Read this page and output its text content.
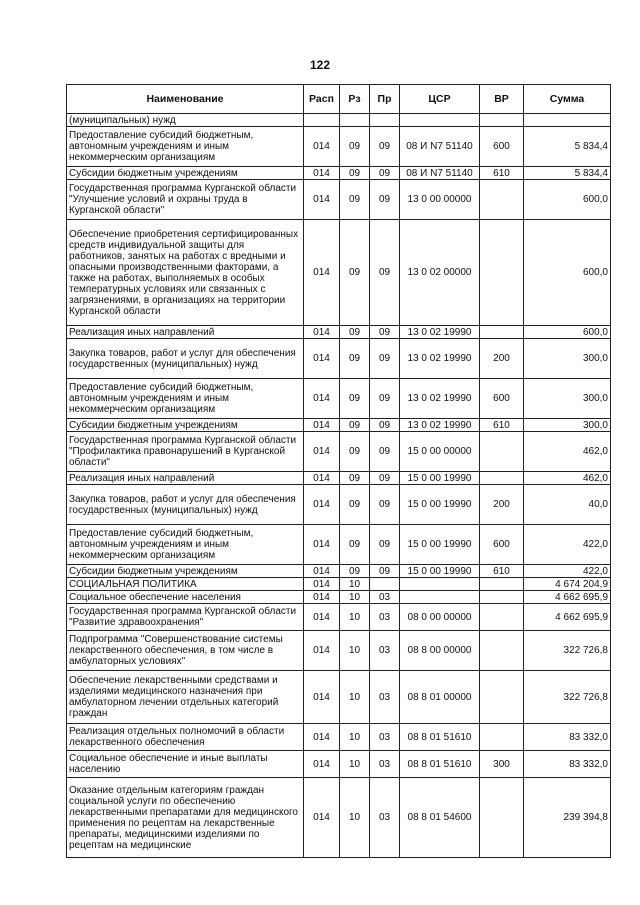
122
Наименование	Расп	Рз	Пр	ЦСР	ВР	Сумма
(муниципальных) нужд						
Предоставление субсидий бюджетным, автономным учреждениям и иным некоммерческим организациям	014	09	09	08 И N7 51140	600	5 834,4
Субсидии бюджетным учреждениям	014	09	09	08 И N7 51140	610	5 834,4
Государственная программа Курганской области "Улучшение условий и охраны труда в Курганской области"	014	09	09	13 0 00 00000		600,0
Обеспечение приобретения сертифицированных средств индивидуальной защиты для работников, занятых на работах с вредными и опасными производственными факторами, а также на работах, выполняемых в особых температурных условиях или связанных с загрязнениями, в организациях на территории Курганской области	014	09	09	13 0 02 00000		600,0
Реализация иных направлений	014	09	09	13 0 02 19990		600,0
Закупка товаров, работ и услуг для обеспечения государственных (муниципальных) нужд	014	09	09	13 0 02 19990	200	300,0
Предоставление субсидий бюджетным, автономным учреждениям и иным некоммерческим организациям	014	09	09	13 0 02 19990	600	300,0
Субсидии бюджетным учреждениям	014	09	09	13 0 02 19990	610	300,0
Государственная программа Курганской области "Профилактика правонарушений в Курганской области"	014	09	09	15 0 00 00000		462,0
Реализация иных направлений	014	09	09	15 0 00 19990		462,0
Закупка товаров, работ и услуг для обеспечения государственных (муниципальных) нужд	014	09	09	15 0 00 19990	200	40,0
Предоставление субсидий бюджетным, автономным учреждениям и иным некоммерческим организациям	014	09	09	15 0 00 19990	600	422,0
Субсидии бюджетным учреждениям	014	09	09	15 0 00 19990	610	422,0
СОЦИАЛЬНАЯ ПОЛИТИКА	014	10				4 674 204,9
Социальное обеспечение населения	014	10	03			4 662 695,9
Государственная программа Курганской области "Развитие здравоохранения"	014	10	03	08 0 00 00000		4 662 695,9
Подпрограмма "Совершенствование системы лекарственного обеспечения, в том числе в амбулаторных условиях"	014	10	03	08 8 00 00000		322 726,8
Обеспечение лекарственными средствами и изделиями медицинского назначения при амбулаторном лечении отдельных категорий граждан	014	10	03	08 8 01 00000		322 726,8
Реализация отдельных полномочий в области лекарственного обеспечения	014	10	03	08 8 01 51610		83 332,0
Социальное обеспечение и иные выплаты населению	014	10	03	08 8 01 51610	300	83 332,0
Оказание отдельным категориям граждан социальной услуги по обеспечению лекарственными препаратами для медицинского применения по рецептам на лекарственные препараты, медицинскими изделиями по рецептам на медицинские	014	10	03	08 8 01 54600		239 394,8
